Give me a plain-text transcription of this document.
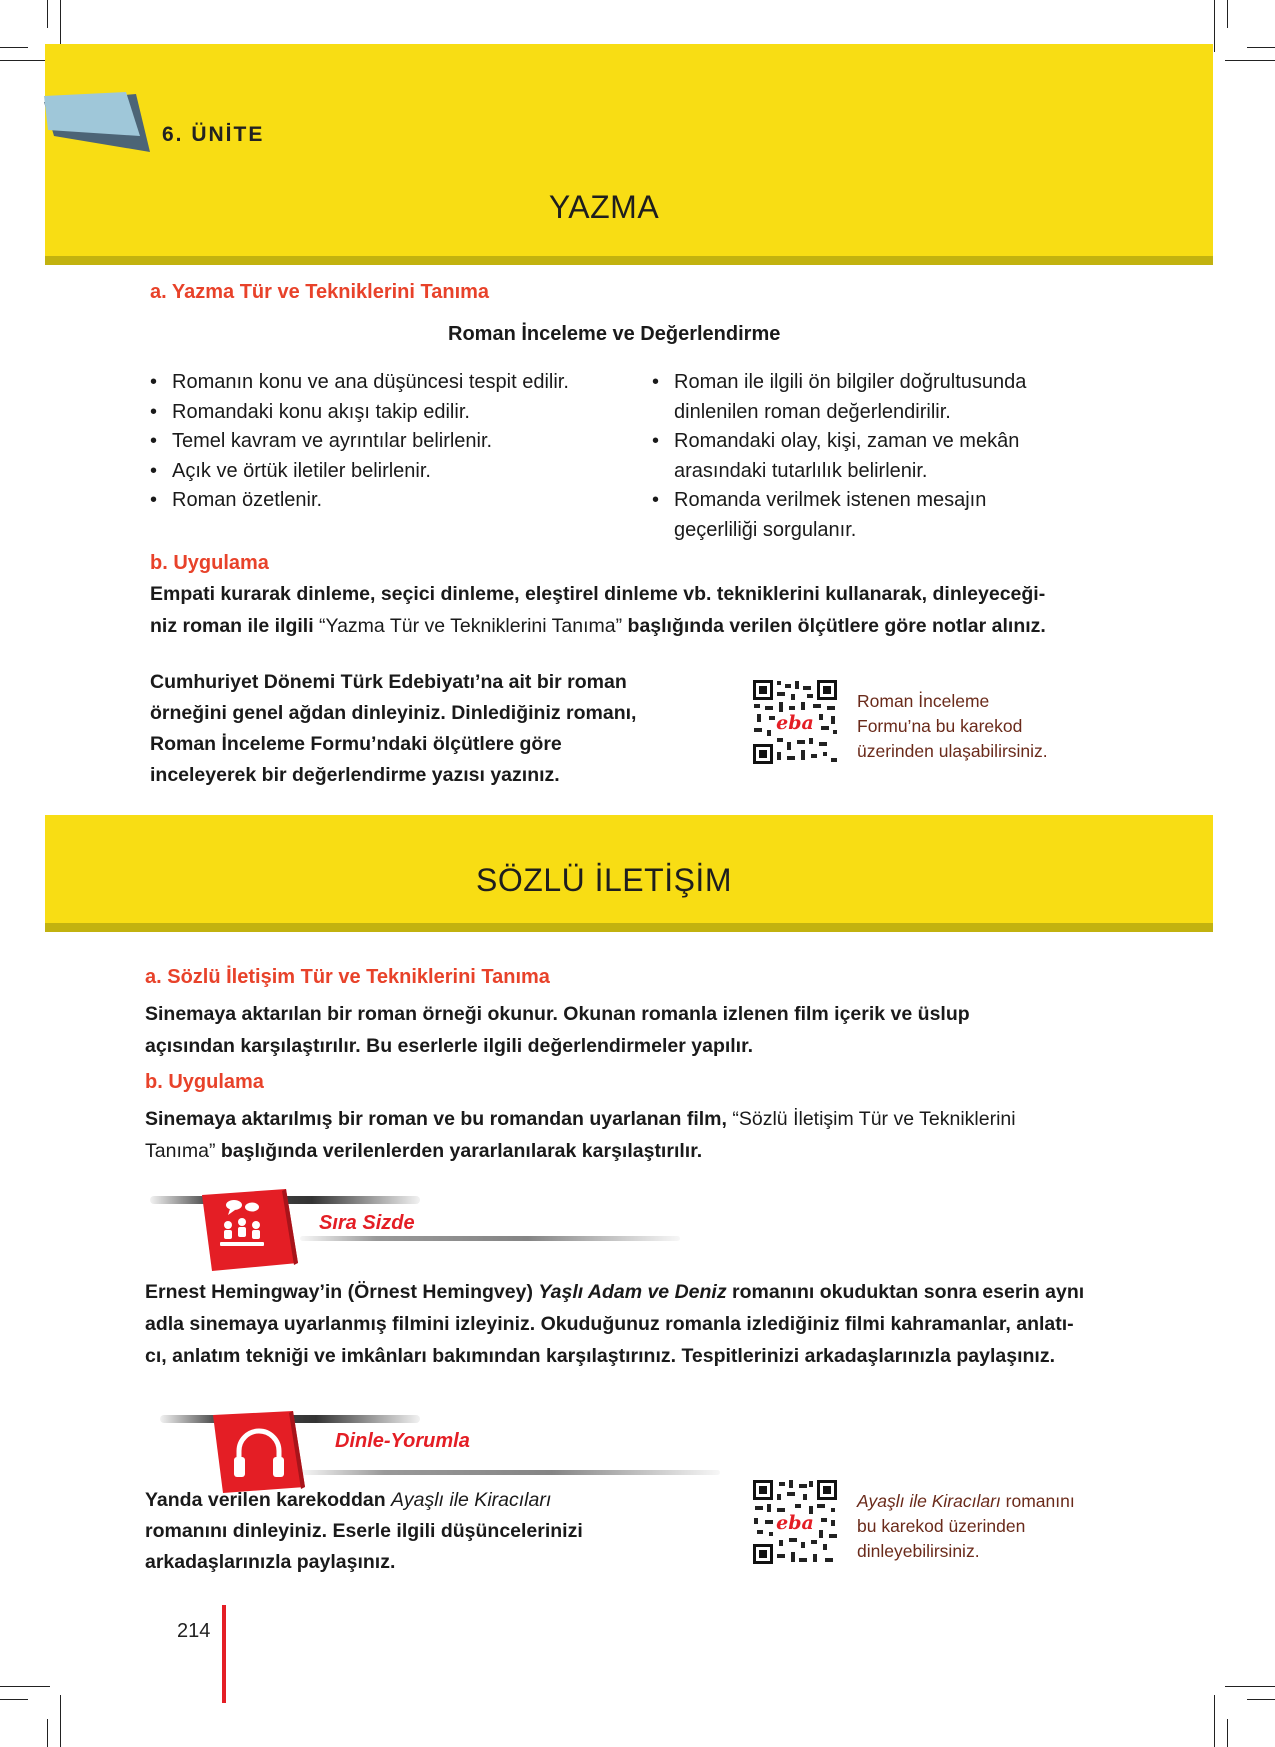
6. ÜNİTE
YAZMA
a. Yazma Tür ve Tekniklerini Tanıma
Roman İnceleme ve Değerlendirme
• Romanın konu ve ana düşüncesi tespit edilir.
• Romandaki konu akışı takip edilir.
• Temel kavram ve ayrıntılar belirlenir.
• Açık ve örtük iletiler belirlenir.
• Roman özetlenir.
• Roman ile ilgili ön bilgiler doğrultusunda dinlenilen roman değerlendirilir.
• Romandaki olay, kişi, zaman ve mekân arasındaki tutarlılık belirlenir.
• Romanda verilmek istenen mesajın geçerliliği sorgulanır.
b. Uygulama
Empati kurarak dinleme, seçici dinleme, eleştirel dinleme vb. tekniklerini kullanarak, dinleyeceği-
niz roman ile ilgili “Yazma Tür ve Tekniklerini Tanıma” başlığında verilen ölçütlere göre notlar alınız.
Cumhuriyet Dönemi Türk Edebiyatı’na ait bir roman
örneğini genel ağdan dinleyiniz. Dinlediğiniz romanı,
Roman İnceleme Formu’ndaki ölçütlere göre
inceleyerek bir değerlendirme yazısı yazınız.
eba
Roman İnceleme
Formu’na bu karekod
üzerinden ulaşabilirsiniz.
SÖZLÜ İLETİŞİM
a. Sözlü İletişim Tür ve Tekniklerini Tanıma
Sinemaya aktarılan bir roman örneği okunur. Okunan romanla izlenen film içerik ve üslup
açısından karşılaştırılır. Bu eserlerle ilgili değerlendirmeler yapılır.
b. Uygulama
Sinemaya aktarılmış bir roman ve bu romandan uyarlanan film, “Sözlü İletişim Tür ve Tekniklerini
Tanıma” başlığında verilenlerden yararlanılarak karşılaştırılır.
Sıra Sizde
Ernest Hemingway’in (Örnest Hemingvey) Yaşlı Adam ve Deniz romanını okuduktan sonra eserin aynı
adla sinemaya uyarlanmış filmini izleyiniz. Okuduğunuz romanla izlediğiniz filmi kahramanlar, anlatı-
cı, anlatım tekniği ve imkânları bakımından karşılaştırınız. Tespitlerinizi arkadaşlarınızla paylaşınız.
Dinle-Yorumla
Yanda verilen karekoddan Ayaşlı ile Kiracıları
romanını dinleyiniz. Eserle ilgili düşüncelerinizi
arkadaşlarınızla paylaşınız.
eba
Ayaşlı ile Kiracıları romanını
bu karekod üzerinden
dinleyebilirsiniz.
214
